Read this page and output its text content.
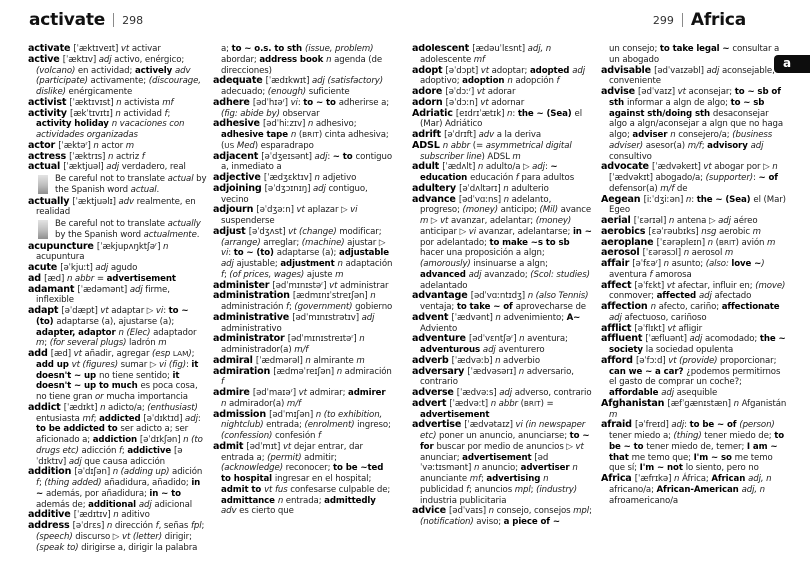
activate 298	299 Africa
a

activate [ˈæktɪveɪt] vt activar

active [ˈæktɪv] adj activo, enérgico; (volcano) en actividad; actively adv (participate) activamente; (discourage, dislike) enérgicamente

activist [ˈæktɪvɪst] n activista mf

activity [ækˈtɪvɪtɪ] n actividad f; activity holiday n vacaciones con actividades organizadas

actor [ˈæktəʳ] n actor m

actress [ˈæktrɪs] n actriz f

actual [ˈæktjuəl] adj verdadero, real

Be careful not to translate actual by the Spanish word actual.

actually [ˈæktjuəlɪ] adv realmente, en realidad

Be careful not to translate actually by the Spanish word actualmente.

acupuncture [ˈækjupʌŋktʃəʳ] n acupuntura

acute [əˈkjuːt] adj agudo

ad [æd] n abbr = advertisement

adamant [ˈædəmənt] adj firme, inflexible

adapt [əˈdæpt] vt adaptar ▷ vi: to ~ (to) adaptarse (a), ajustarse (a); adapter, adaptor n (Elec) adaptador m; (for several plugs) ladrón m

add [æd] vt añadir, agregar (esp LAM); add up vt (figures) sumar ▷ vi (fig): it doesn't ~ up no tiene sentido; it doesn't ~ up to much es poca cosa, no tiene gran or mucha importancia

addict [ˈædɪkt] n adicto/a; (enthusiast) entusiasta mf; addicted [əˈdɪktɪd] adj: to be addicted to ser adicto a; ser aficionado a; addiction [əˈdɪkʃən] n (to drugs etc) adicción f; addictive [əˈdɪktɪv] adj que causa adicción

addition [əˈdɪʃən] n (adding up) adición f; (thing added) añadidura, añadido; in ~ además, por añadidura; in ~ to además de; additional adj adicional

additive [ˈædɪtɪv] n aditivo

address [əˈdrɛs] n dirección f, señas fpl; (speech) discurso ▷ vt (letter) dirigir; (speak to) dirigirse a, dirigir la palabra

a; to ~ o.s. to sth (issue, problem) abordar; address book n agenda (de direcciones)

adequate [ˈædɪkwɪt] adj (satisfactory) adecuado; (enough) suficiente

adhere [ədˈhɪəʳ] vi: to ~ to adherirse a; (fig: abide by) observar

adhesive [ədˈhiːzɪv] n adhesivo; adhesive tape n (BRIT) cinta adhesiva; (US Med) esparadrapo

adjacent [əˈdʒeɪsənt] adj: ~ to contiguo a, inmediato a

adjective [ˈædʒɛktɪv] n adjetivo

adjoining [əˈdʒɔɪnɪŋ] adj contiguo, vecino

adjourn [əˈdʒəːn] vt aplazar ▷ vi suspenderse

adjust [əˈdʒʌst] vt (change) modificar; (arrange) arreglar; (machine) ajustar ▷ vi: to ~ (to) adaptarse (a); adjustable adj ajustable; adjustment n adaptación f; (of prices, wages) ajuste m

administer [ədˈmɪnɪstəʳ] vt administrar

administration [ædmɪnɪˈstreɪʃən] n administración f; (government) gobierno

administrative [ədˈmɪnɪstrətɪv] adj administrativo

administrator [ədˈmɪnɪstreɪtəʳ] n administrador(a) m/f

admiral [ˈædmərəl] n almirante m

admiration [ædməˈreɪʃən] n admiración f

admire [ədˈmaɪəʳ] vt admirar; admirer n admirador(a) m/f

admission [ədˈmɪʃən] n (to exhibition, nightclub) entrada; (enrolment) ingreso; (confession) confesión f

admit [ədˈmɪt] vt dejar entrar, dar entrada a; (permit) admitir; (acknowledge) reconocer; to be ~ted to hospital ingresar en el hospital; admit to vt fus confesarse culpable de; admittance n entrada; admittedly adv es cierto que

adolescent [ædəuˈlɛsnt] adj, n adolescente mf

adopt [əˈdɔpt] vt adoptar; adopted adj adoptivo; adoption n adopción f

adore [əˈdɔːʳ] vt adorar

adorn [əˈdɔːn] vt adornar

Adriatic [eɪdrɪˈætɪk] n: the ~ (Sea) el (Mar) Adriático

adrift [əˈdrɪft] adv a la deriva

ADSL n abbr (= asymmetrical digital subscriber line) ADSL m

adult [ˈædʌlt] n adulto/a ▷ adj: ~ education educación f para adultos

adultery [əˈdʌltərɪ] n adulterio

advance [ədˈvɑːns] n adelanto, progreso; (money) anticipo; (Mil) avance m ▷ vt avanzar, adelantar; (money) anticipar ▷ vi avanzar, adelantarse; in ~ por adelantado; to make ~s to sb hacer una proposición a algn; (amorously) insinuarse a algn; advanced adj avanzado; (Scol: studies) adelantado

advantage [ədˈvɑːntɪdʒ] n (also Tennis) ventaja; to take ~ of aprovecharse de

advent [ˈædvənt] n advenimiento; A~ Adviento

adventure [ədˈvɛntʃəʳ] n aventura; adventurous adj aventurero

adverb [ˈædvəːb] n adverbio

adversary [ˈædvəsərɪ] n adversario, contrario

adverse [ˈædvəːs] adj adverso, contrario

advert [ˈædvəːt] n abbr (BRIT) = advertisement

advertise [ˈædvətaɪz] vi (in newspaper etc) poner un anuncio, anunciarse; to ~ for buscar por medio de anuncios ▷ vt anunciar; advertisement [ədˈvəːtɪsmənt] n anuncio; advertiser n anunciante mf; advertising n publicidad f; anuncios mpl; (industry) industria publicitaria

advice [ədˈvaɪs] n consejo, consejos mpl; (notification) aviso; a piece of ~

un consejo; to take legal ~ consultar a un abogado

advisable [ədˈvaɪzəbl] adj aconsejable, conveniente

advise [ədˈvaɪz] vt aconsejar; to ~ sb of sth informar a algn de algo; to ~ sb against sth/doing sth desaconsejar algo a algn/aconsejar a algn que no haga algo; adviser n consejero/a; (business adviser) asesor(a) m/f; advisory adj consultivo

advocate [ˈædvəkeɪt] vt abogar por ▷ n [ˈædvəkɪt] abogado/a; (supporter): ~ of defensor(a) m/f de

Aegean [iːˈdʒiːən] n: the ~ (Sea) el (Mar) Egeo

aerial [ˈɛərɪəl] n antena ▷ adj aéreo

aerobics [ɛəˈrəubɪks] nsg aerobic m

aeroplane [ˈɛərəpleɪn] n (BRIT) avión m

aerosol [ˈɛərəsɔl] n aerosol m

affair [əˈfɛəʳ] n asunto; (also: love ~) aventura f amorosa

affect [əˈfɛkt] vt afectar, influir en; (move) conmover; affected adj afectado

affection n afecto, cariño; affectionate adj afectuoso, cariñoso

afflict [əˈflɪkt] vt afligir

affluent [ˈæfluənt] adj acomodado; the ~ society la sociedad opulenta

afford [əˈfɔːd] vt (provide) proporcionar; can we ~ a car? ¿podemos permitirnos el gasto de comprar un coche?; affordable adj asequible

Afghanistan [æfˈgænɪstæn] n Afganistán m

afraid [əˈfreɪd] adj: to be ~ of (person) tener miedo a; (thing) tener miedo de; to be ~ to tener miedo de, temer; I am ~ that me temo que; I'm ~ so me temo que sí; I'm ~ not lo siento, pero no

Africa [ˈæfrɪkə] n África; African adj, n africano/a; African-American adj, n afroamericano/a
